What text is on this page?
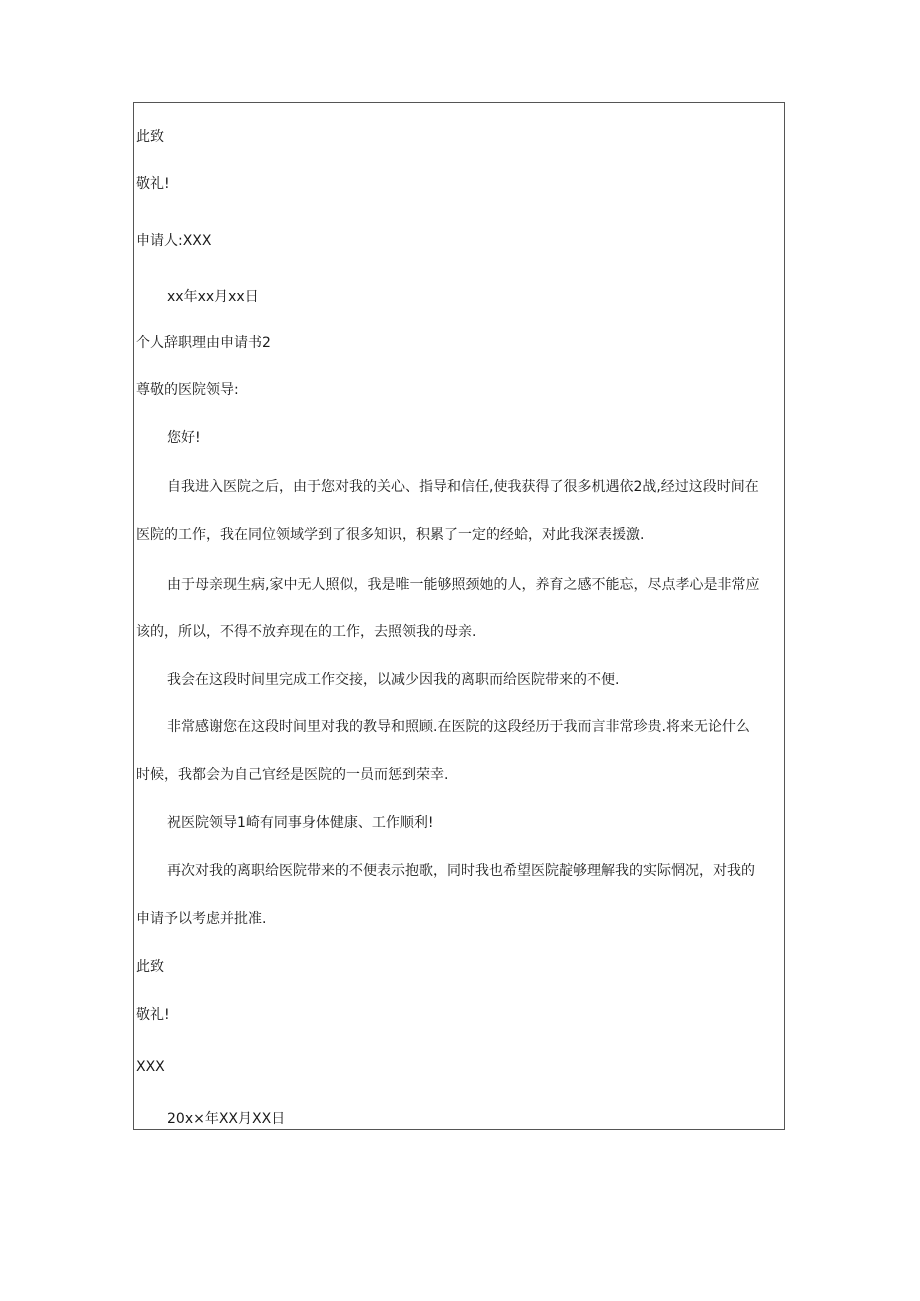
此致
敬礼!
申请人:XXX
xx年xx月xx日
个人辞职理由申请书2
尊敬的医院领导:
您好!
自我进入医院之后，由于您对我的关心、指导和信任,使我获得了很多机遇依2战,经过这段时间在
医院的工作，我在同位领域学到了很多知识，积累了一定的经蛤，对此我深表援激.
由于母亲现生病,家中无人照似，我是唯一能够照颈她的人，养育之感不能忘，尽点孝心是非常应
该的，所以，不得不放弃现在的工作，去照领我的母亲.
我会在这段时间里完成工作交接，以减少因我的离职而给医院带来的不便.
非常感谢您在这段时间里对我的教导和照顾.在医院的这段经历于我而言非常珍贵.将来无论什么
时候，我都会为自己官经是医院的一员而惩到荣幸.
祝医院领导1崎有同事身体健康、工作顺利!
再次对我的离职给医院带来的不便表示抱歌，同时我也希望医院靛够理解我的实际惘况，对我的
申请予以考虑并批准.
此致
敬礼!
XXX
20x×年XX月XX日
